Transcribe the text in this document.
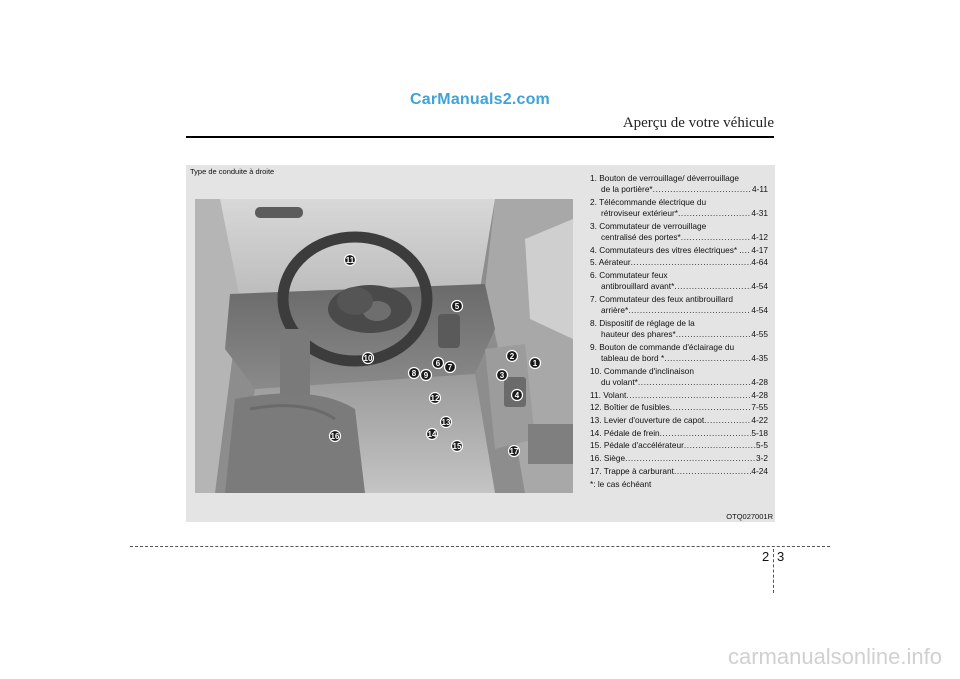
CarManuals2.com
Aperçu de votre véhicule
Type de conduite à droite
1
2
3
4
5
6 7
8 9
10
11
12
13
14
15
16
17
1. Bouton de verrouillage/ déverrouillage
de la portière* .....	4-11
2. Télécommande électrique du
rétroviseur extérieur* .....	4-31
3. Commutateur de verrouillage
centralisé des portes* .....	4-12
4. Commutateurs des vitres électriques* . ..... 4-17
5. Aérateur .....	4-64
6. Commutateur feux
antibrouillard avant* .....	4-54
7. Commutateur des feux antibrouillard
arrière* .....	4-54
8. Dispositif de réglage de la
hauteur des phares* .....	4-55
9. Bouton de commande d'éclairage du
tableau de bord * .....	4-35
10. Commande d'inclinaison
du volant* .....	4-28
11. Volant .....	4-28
12. Boîtier de fusibles .....	7-55
13. Levier d'ouverture de capot .....	4-22
14. Pédale de frein .....	5-18
15. Pédale d'accélérateur .....	5-5
16. Siège .....	3-2
17. Trappe à carburant .....	4-24
*: le cas échéant
OTQ027001R
2 3
carmanualsonline.info
